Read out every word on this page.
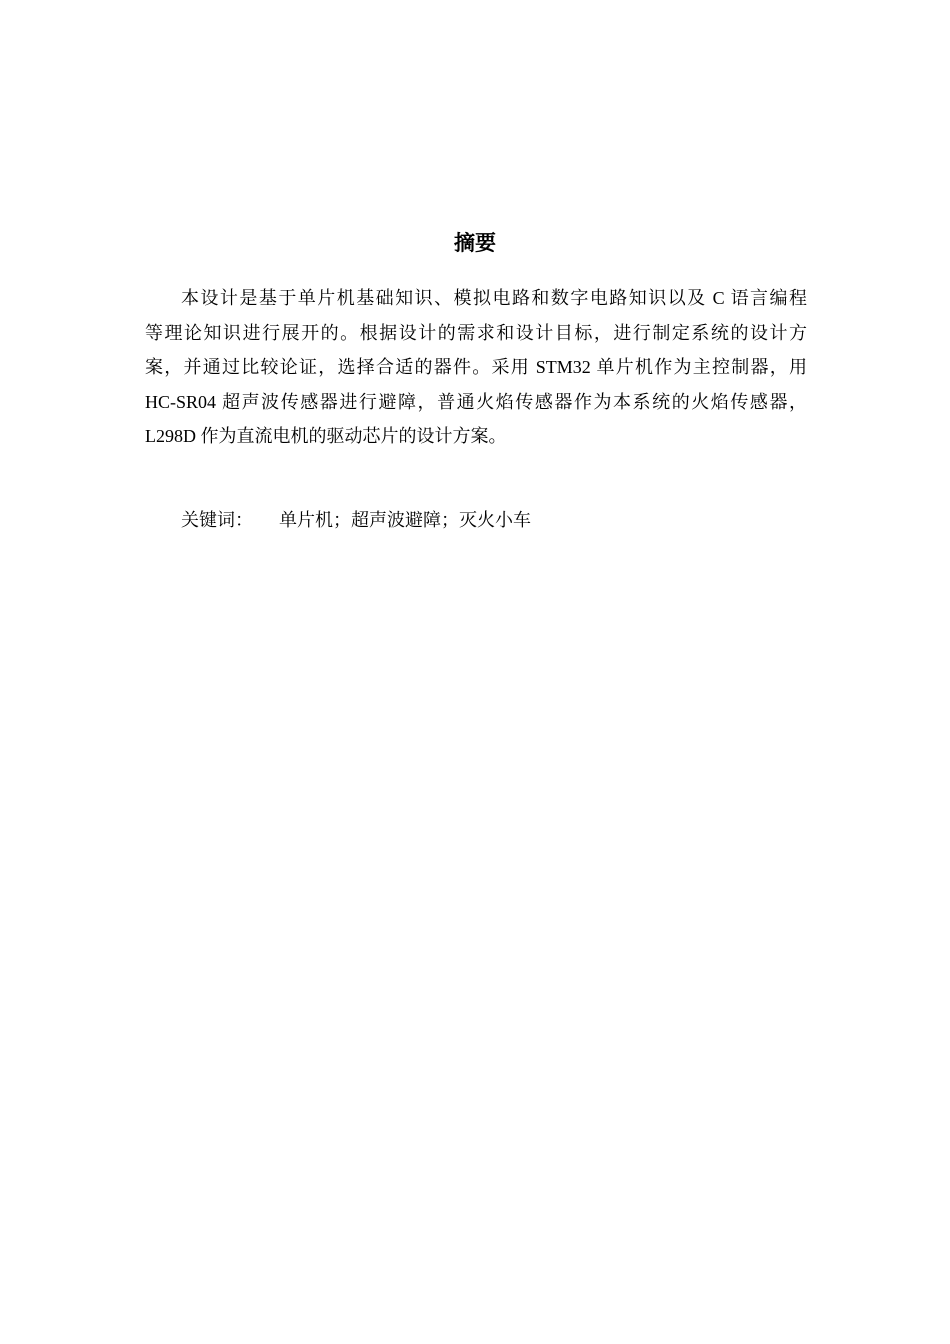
摘要
本设计是基于单片机基础知识、模拟电路和数字电路知识以及 C 语言编程
等理论知识进行展开的。根据设计的需求和设计目标，进行制定系统的设计方
案，并通过比较论证，选择合适的器件。采用 STM32 单片机作为主控制器，用
HC-SR04 超声波传感器进行避障，普通火焰传感器作为本系统的火焰传感器，
L298D 作为直流电机的驱动芯片的设计方案。
关键词： 单片机；超声波避障；灭火小车
